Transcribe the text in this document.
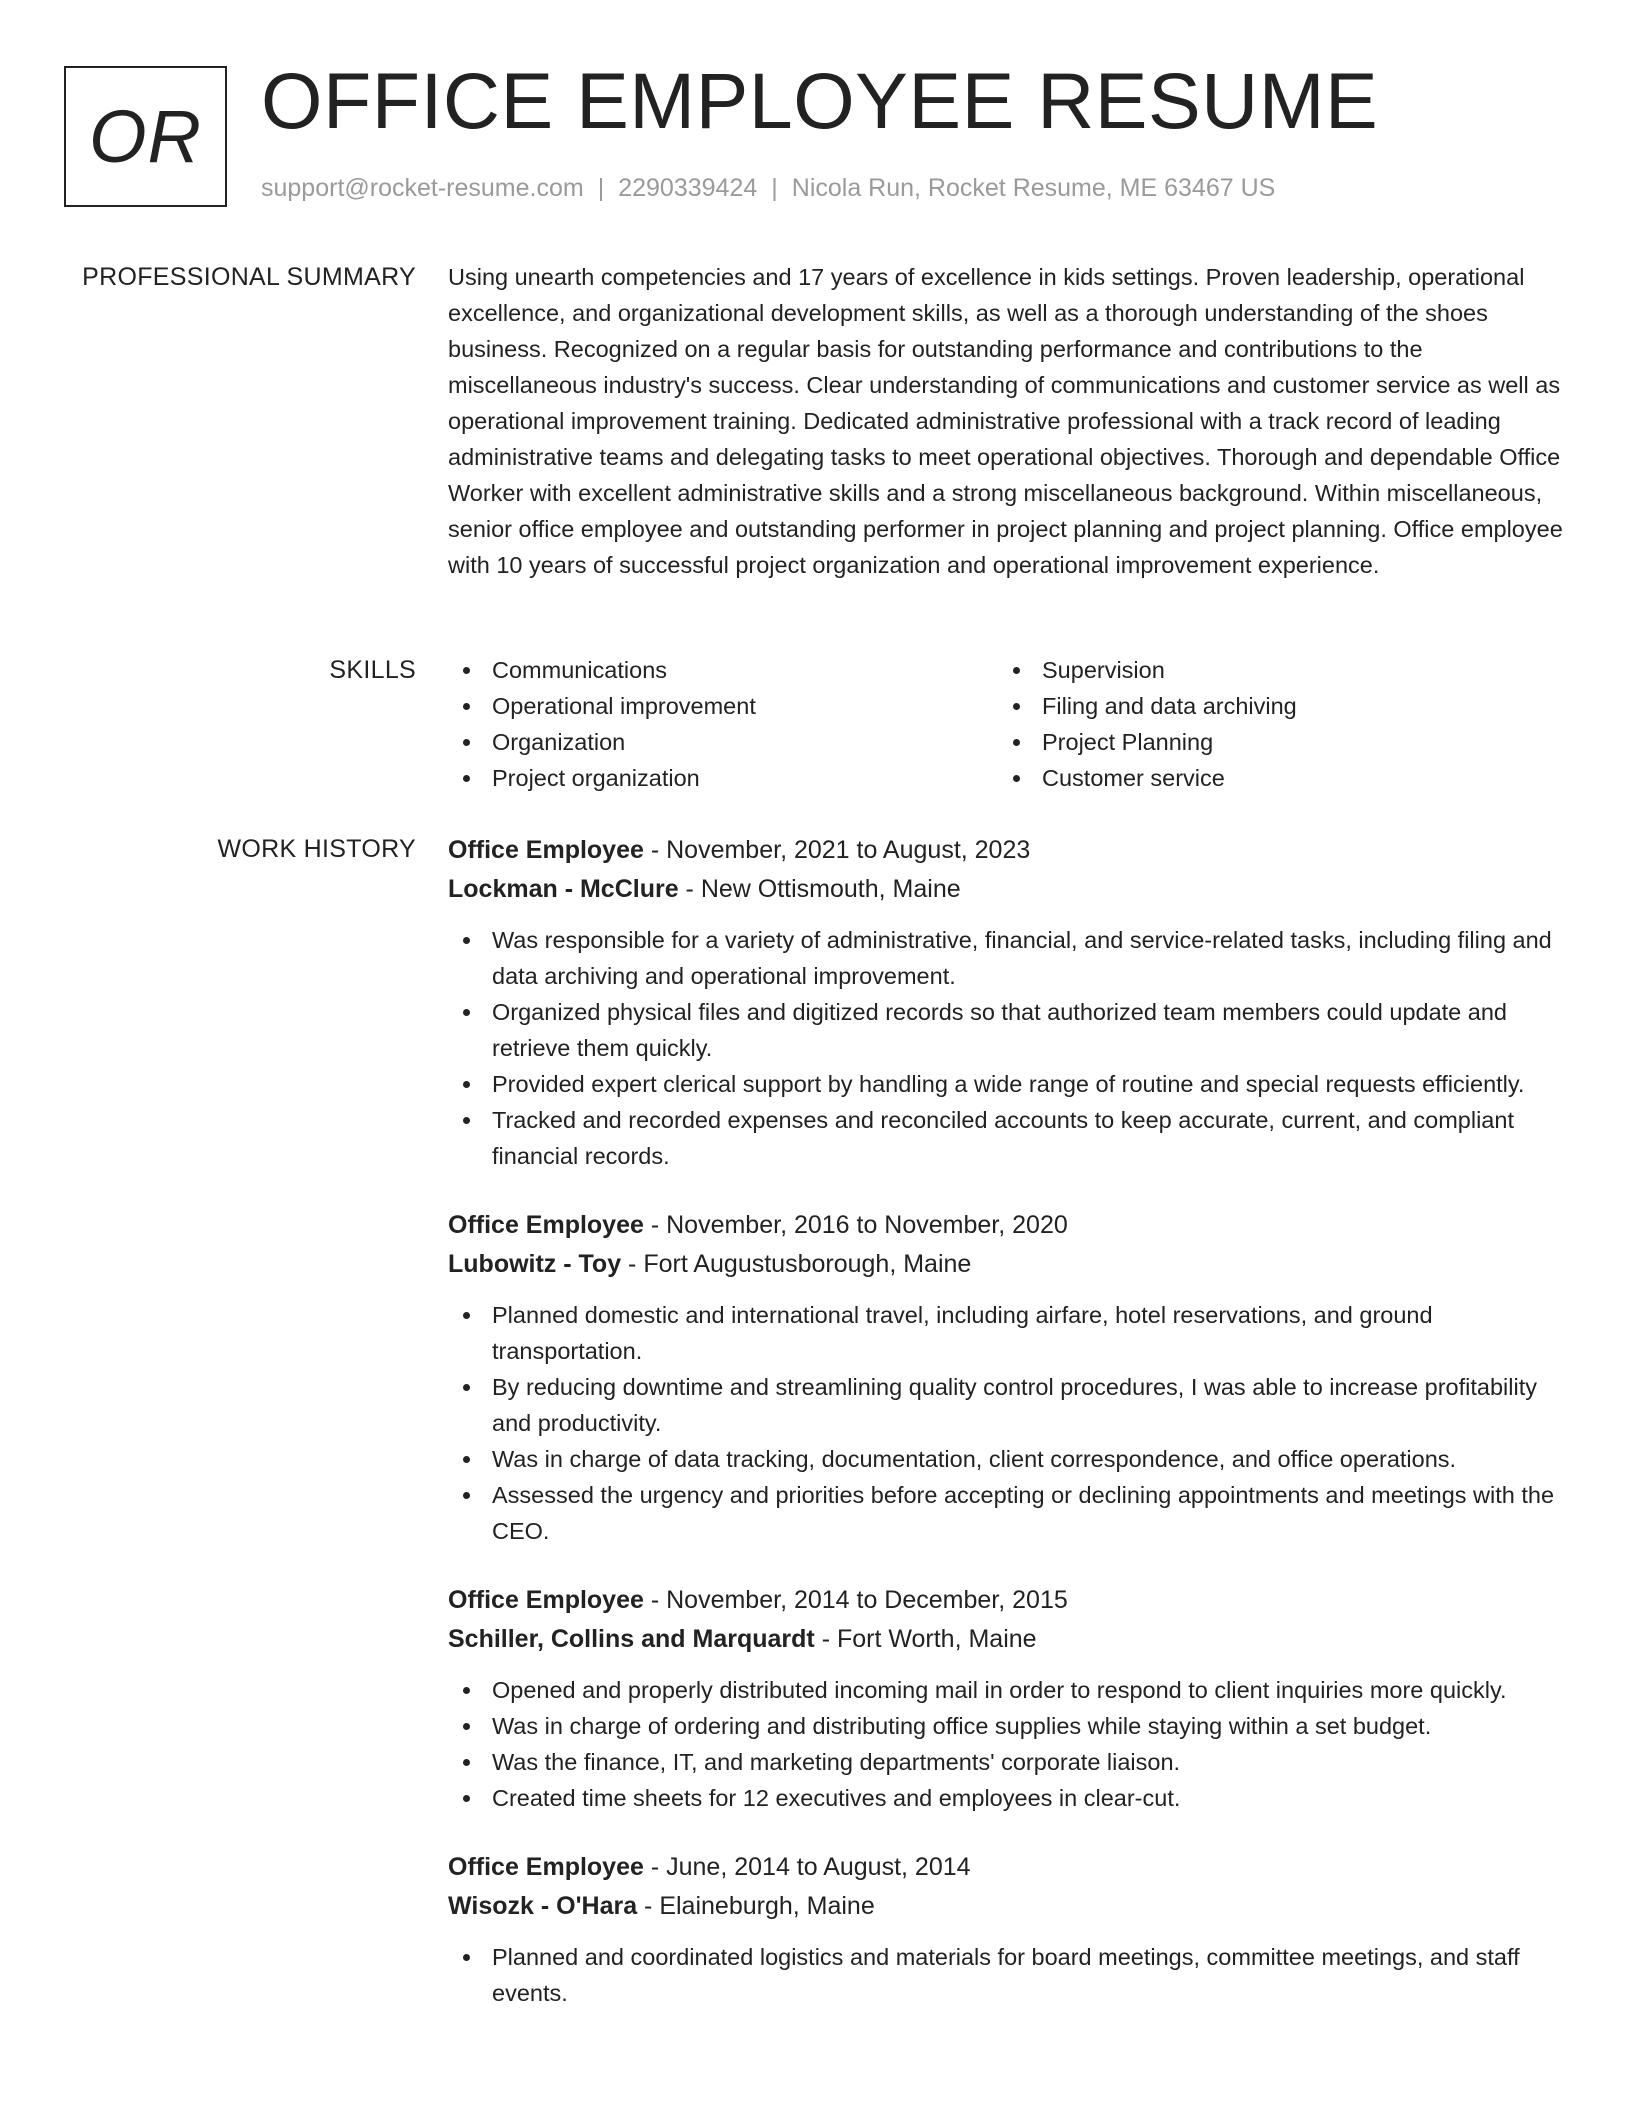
OR OFFICE EMPLOYEE RESUME
support@rocket-resume.com | 2290339424 | Nicola Run, Rocket Resume, ME 63467 US
PROFESSIONAL SUMMARY Using unearth competencies and 17 years of excellence in kids settings. Proven leadership, operational excellence, and organizational development skills, as well as a thorough understanding of the shoes business. Recognized on a regular basis for outstanding performance and contributions to the miscellaneous industry's success. Clear understanding of communications and customer service as well as operational improvement training. Dedicated administrative professional with a track record of leading administrative teams and delegating tasks to meet operational objectives. Thorough and dependable Office Worker with excellent administrative skills and a strong miscellaneous background. Within miscellaneous, senior office employee and outstanding performer in project planning and project planning. Office employee with 10 years of successful project organization and operational improvement experience.
SKILLS	Communications
Operational improvement
Organization
Project organization
Supervision
Filing and data archiving
Project Planning
Customer service
WORK HISTORY Office Employee - November, 2021 to August, 2023
Lockman - McClure - New Ottismouth, Maine
Was responsible for a variety of administrative, financial, and service-related tasks, including filing and data archiving and operational improvement.
Organized physical files and digitized records so that authorized team members could update and retrieve them quickly.
Provided expert clerical support by handling a wide range of routine and special requests efficiently.
Tracked and recorded expenses and reconciled accounts to keep accurate, current, and compliant financial records.
Office Employee - November, 2016 to November, 2020
Lubowitz - Toy - Fort Augustusborough, Maine
Planned domestic and international travel, including airfare, hotel reservations, and ground transportation.
By reducing downtime and streamlining quality control procedures, I was able to increase profitability and productivity.
Was in charge of data tracking, documentation, client correspondence, and office operations.
Assessed the urgency and priorities before accepting or declining appointments and meetings with the CEO.
Office Employee - November, 2014 to December, 2015
Schiller, Collins and Marquardt - Fort Worth, Maine
Opened and properly distributed incoming mail in order to respond to client inquiries more quickly.
Was in charge of ordering and distributing office supplies while staying within a set budget.
Was the finance, IT, and marketing departments' corporate liaison.
Created time sheets for 12 executives and employees in clear-cut.
Office Employee - June, 2014 to August, 2014
Wisozk - O'Hara - Elaineburgh, Maine
Planned and coordinated logistics and materials for board meetings, committee meetings, and staff events.
